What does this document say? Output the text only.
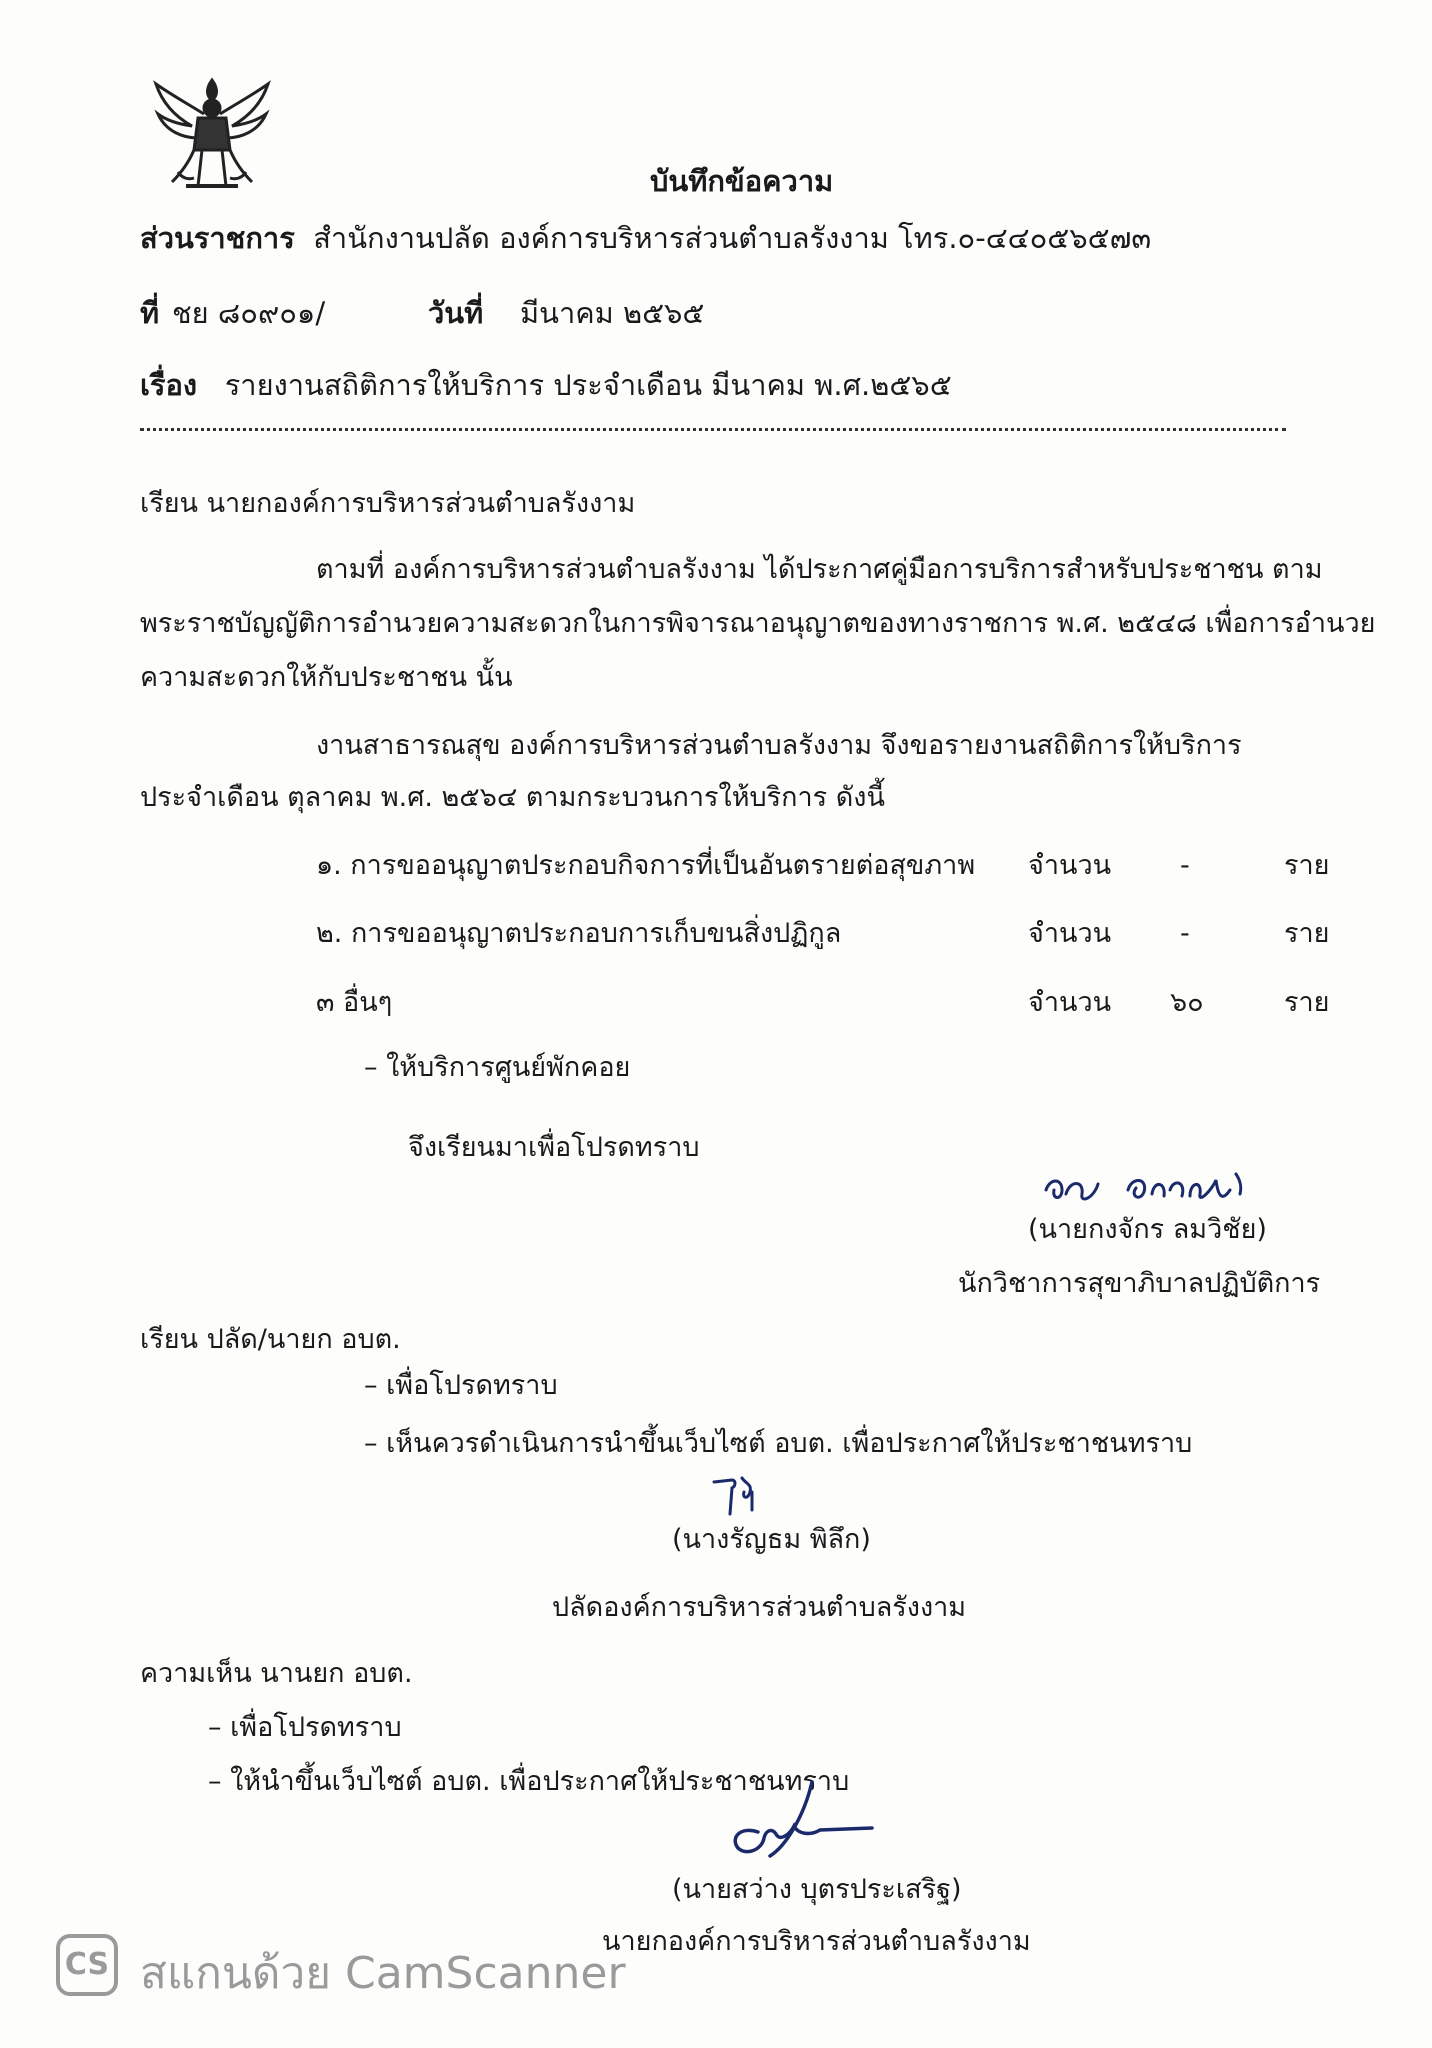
บันทึกข้อความ
ส่วนราชการ สำนักงานปลัด องค์การบริหารส่วนตำบลรังงาม โทร.๐-๔๔๐๕๖๕๗๓
ที่ ชย ๘๐๙๐๑/	วันที่ มีนาคม ๒๕๖๕
เรื่อง รายงานสถิติการให้บริการ ประจำเดือน มีนาคม พ.ศ.๒๕๖๕
เรียน นายกองค์การบริหารส่วนตำบลรังงาม
ตามที่ องค์การบริหารส่วนตำบลรังงาม ได้ประกาศคู่มือการบริการสำหรับประชาชน ตาม
พระราชบัญญัติการอำนวยความสะดวกในการพิจารณาอนุญาตของทางราชการ พ.ศ. ๒๕๔๘ เพื่อการอำนวย
ความสะดวกให้กับประชาชน นั้น
งานสาธารณสุข องค์การบริหารส่วนตำบลรังงาม จึงขอรายงานสถิติการให้บริการ
ประจำเดือน ตุลาคม พ.ศ. ๒๕๖๔ ตามกระบวนการให้บริการ ดังนี้
๑. การขออนุญาตประกอบกิจการที่เป็นอันตรายต่อสุขภาพ จำนวน	-	ราย
๒. การขออนุญาตประกอบการเก็บขนสิ่งปฏิกูล	จำนวน	-	ราย
๓ อื่นๆ	จำนวน ๖๐	ราย
– ให้บริการศูนย์พักคอย
จึงเรียนมาเพื่อโปรดทราบ
(นายกงจักร ลมวิชัย)
นักวิชาการสุขาภิบาลปฏิบัติการ
เรียน ปลัด/นายก อบต.
– เพื่อโปรดทราบ
– เห็นควรดำเนินการนำขึ้นเว็บไซต์ อบต. เพื่อประกาศให้ประชาชนทราบ
(นางรัญธม พิลึก)
ปลัดองค์การบริหารส่วนตำบลรังงาม
ความเห็น นานยก อบต.
– เพื่อโปรดทราบ
– ให้นำขึ้นเว็บไซต์ อบต. เพื่อประกาศให้ประชาชนทราบ
(นายสว่าง บุตรประเสริฐ)
นายกองค์การบริหารส่วนตำบลรังงาม
CS สแกนด้วย CamScanner
